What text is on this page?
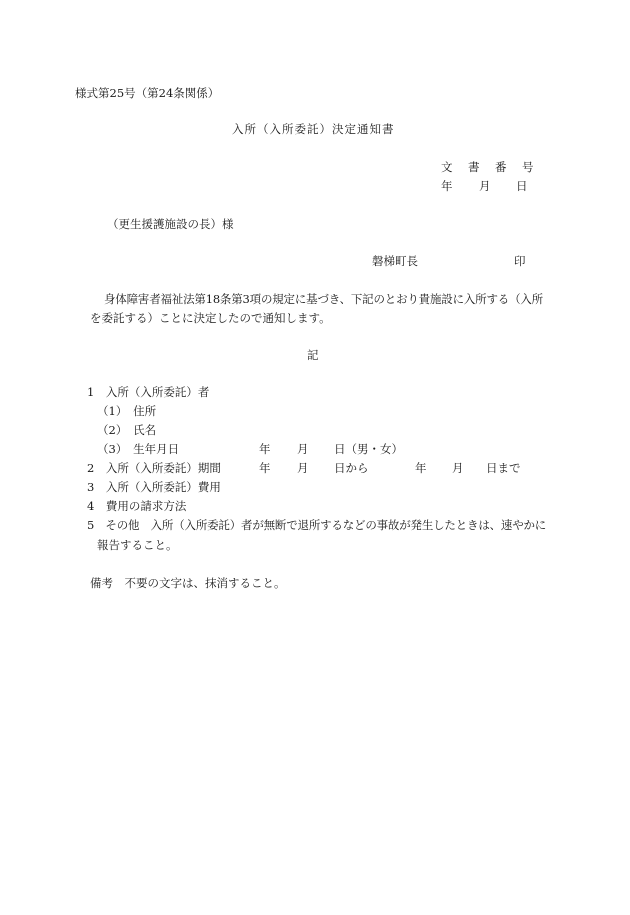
様式第25号（第24条関係）
入所（入所委託）決定通知書
文　書　番　号
年 月 日
（更生援護施設の長）様
磐梯町長	印
身体障害者福祉法第18条第3項の規定に基づき、下記のとおり貴施設に入所する（入所
を委託する）ことに決定したので通知します。
記
1　入所（入所委託）者
（1）　住所
（2）　氏名
（3）　生年月日	年 月 日（男・女）
2　入所（入所委託）期間	年 月 日から	年 月 日まで
3　入所（入所委託）費用
4　費用の請求方法
5　その他　入所（入所委託）者が無断で退所するなどの事故が発生したときは、速やかに
報告すること。
備考　不要の文字は、抹消すること。
